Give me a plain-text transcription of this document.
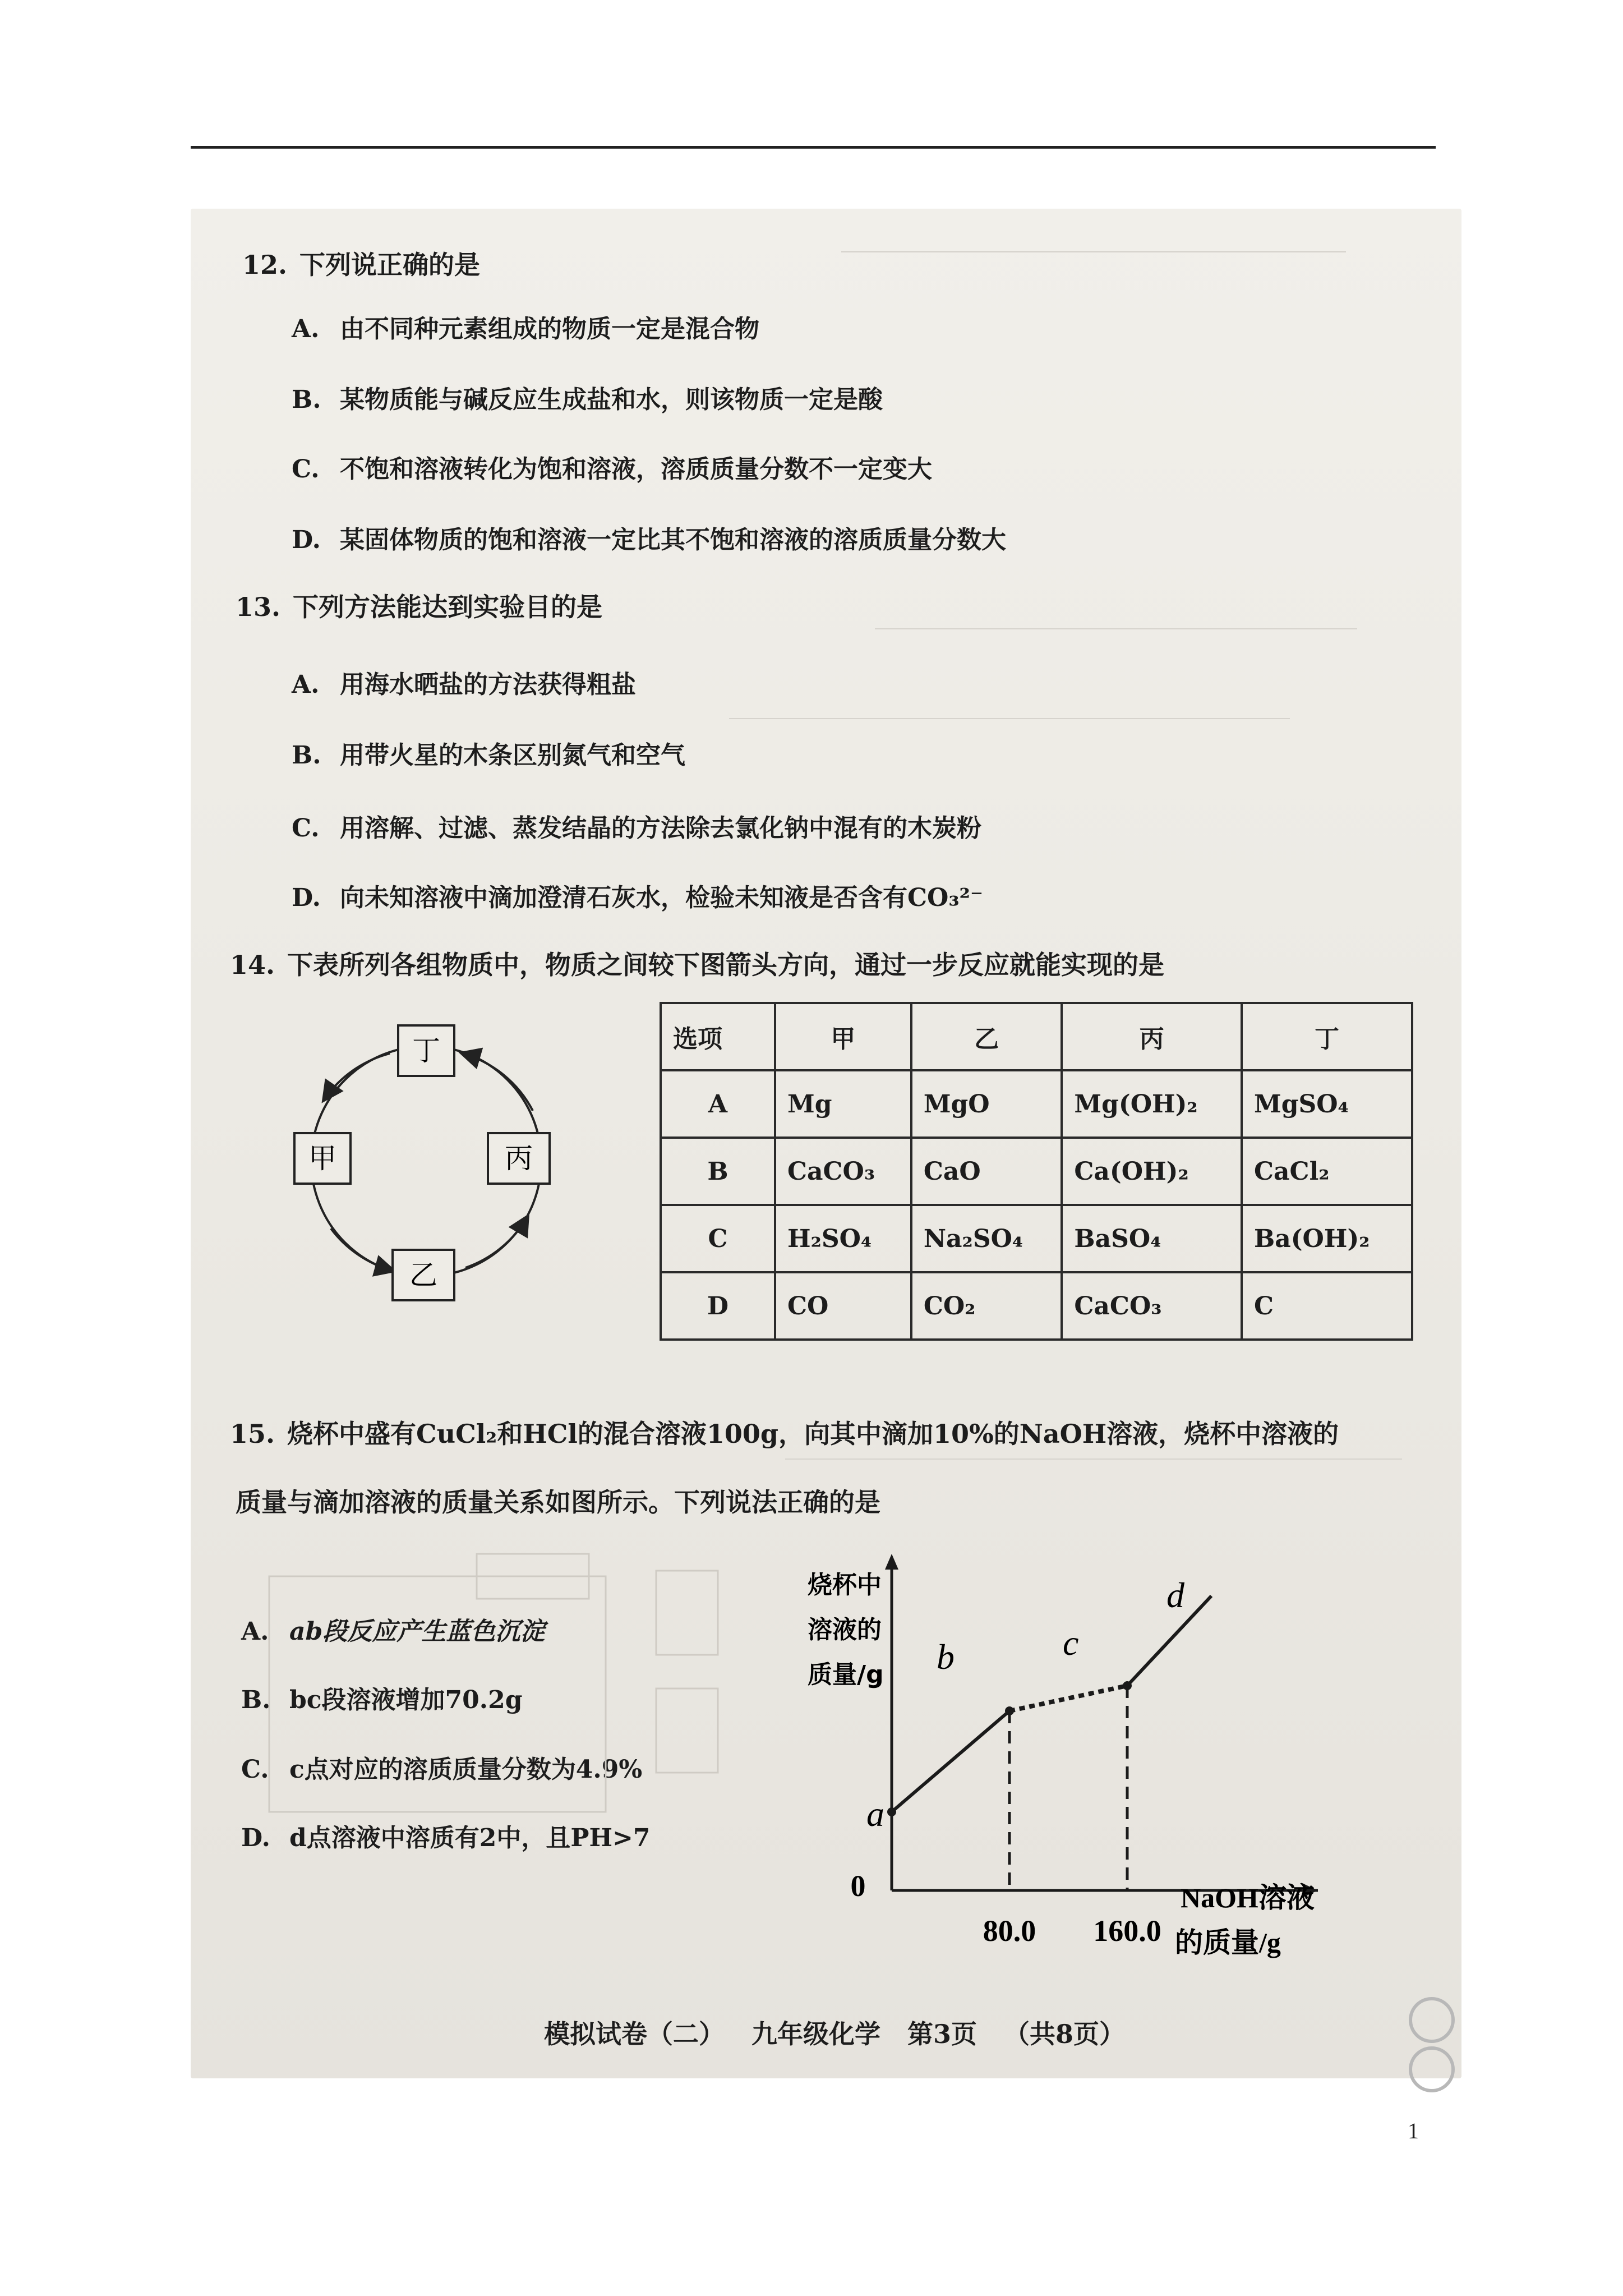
12. 下列说正确的是
A. 由不同种元素组成的物质一定是混合物
B. 某物质能与碱反应生成盐和水，则该物质一定是酸
C. 不饱和溶液转化为饱和溶液，溶质质量分数不一定变大
D. 某固体物质的饱和溶液一定比其不饱和溶液的溶质质量分数大
13. 下列方法能达到实验目的是
A. 用海水晒盐的方法获得粗盐
B. 用带火星的木条区别氮气和空气
C. 用溶解、过滤、蒸发结晶的方法除去氯化钠中混有的木炭粉
D. 向未知溶液中滴加澄清石灰水，检验未知液是否含有CO₃²⁻
14. 下表所列各组物质中，物质之间较下图箭头方向，通过一步反应就能实现的是
丁
甲	丙
乙
选项	甲	乙	丙	丁
A	Mg	MgO	Mg(OH)₂	MgSO₄
B	CaCO₃	CaO	Ca(OH)₂	CaCl₂
C	H₂SO₄	Na₂SO₄	BaSO₄	Ba(OH)₂
D	CO	CO₂	CaCO₃	C
15. 烧杯中盛有CuCl₂和HCl的混合溶液100g，向其中滴加10%的NaOH溶液，烧杯中溶液的
质量与滴加溶液的质量关系如图所示。下列说法正确的是
A. ab段反应产生蓝色沉淀
B. bc段溶液增加70.2g
C. c点对应的溶质质量分数为4.9%
D. d点溶液中溶质有2中，且PH>7
0	NaOH溶液 的质量/g
烧杯中 溶液的 质量/g
a
b	c
d
80.0 160.0
模拟试卷（二） 九年级化学 第3页 （共8页）
1
